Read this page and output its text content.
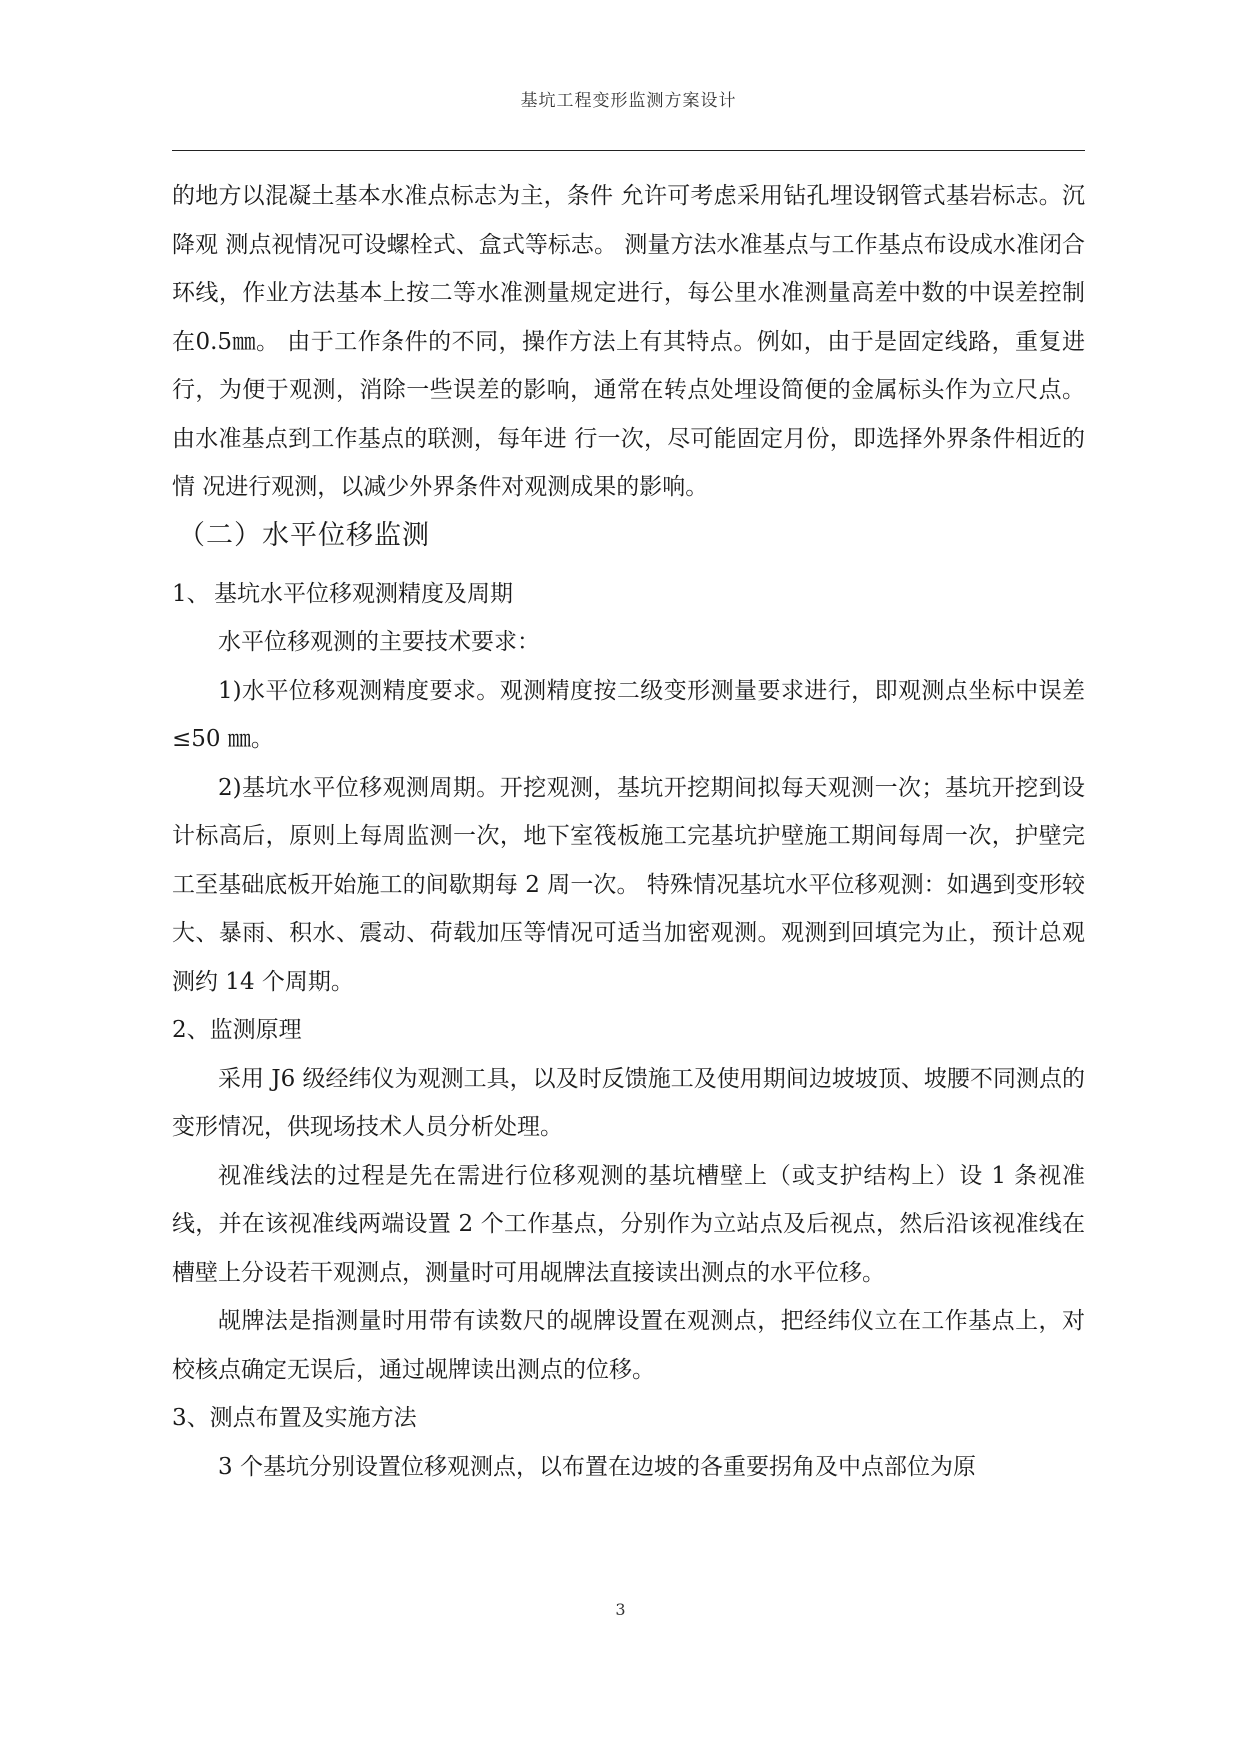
基坑工程变形监测方案设计

的地方以混凝土基本水准点标志为主，条件 允许可考虑采用钻孔埋设钢管式基岩标志。沉降观 测点视情况可设螺栓式、盒式等标志。 测量方法水准基点与工作基点布设成水准闭合 环线，作业方法基本上按二等水准测量规定进行，每公里水准测量高差中数的中误差控制在0.5㎜。 由于工作条件的不同，操作方法上有其特点。例如，由于是固定线路，重复进行，为便于观测，消除一些误差的影响，通常在转点处埋设简便的金属标头作为立尺点。由水准基点到工作基点的联测，每年进 行一次，尽可能固定月份，即选择外界条件相近的情 况进行观测，以减少外界条件对观测成果的影响。

（二）水平位移监测

1、 基坑水平位移观测精度及周期

水平位移观测的主要技术要求：

1)水平位移观测精度要求。观测精度按二级变形测量要求进行，即观测点坐标中误差≤50 ㎜。

2)基坑水平位移观测周期。开挖观测，基坑开挖期间拟每天观测一次；基坑开挖到设计标高后，原则上每周监测一次，地下室筏板施工完基坑护壁施工期间每周一次，护壁完工至基础底板开始施工的间歇期每 2 周一次。 特殊情况基坑水平位移观测：如遇到变形较大、暴雨、积水、震动、荷载加压等情况可适当加密观测。观测到回填完为止，预计总观测约 14 个周期。

2、监测原理

采用 J6 级经纬仪为观测工具，以及时反馈施工及使用期间边坡坡顶、坡腰不同测点的变形情况，供现场技术人员分析处理。

视准线法的过程是先在需进行位移观测的基坑槽壁上（或支护结构上）设 1 条视准线，并在该视准线两端设置 2 个工作基点，分别作为立站点及后视点，然后沿该视准线在槽壁上分设若干观测点，测量时可用觇牌法直接读出测点的水平位移。

觇牌法是指测量时用带有读数尺的觇牌设置在观测点，把经纬仪立在工作基点上，对校核点确定无误后，通过觇牌读出测点的位移。

3、测点布置及实施方法

3 个基坑分别设置位移观测点，以布置在边坡的各重要拐角及中点部位为原

3
